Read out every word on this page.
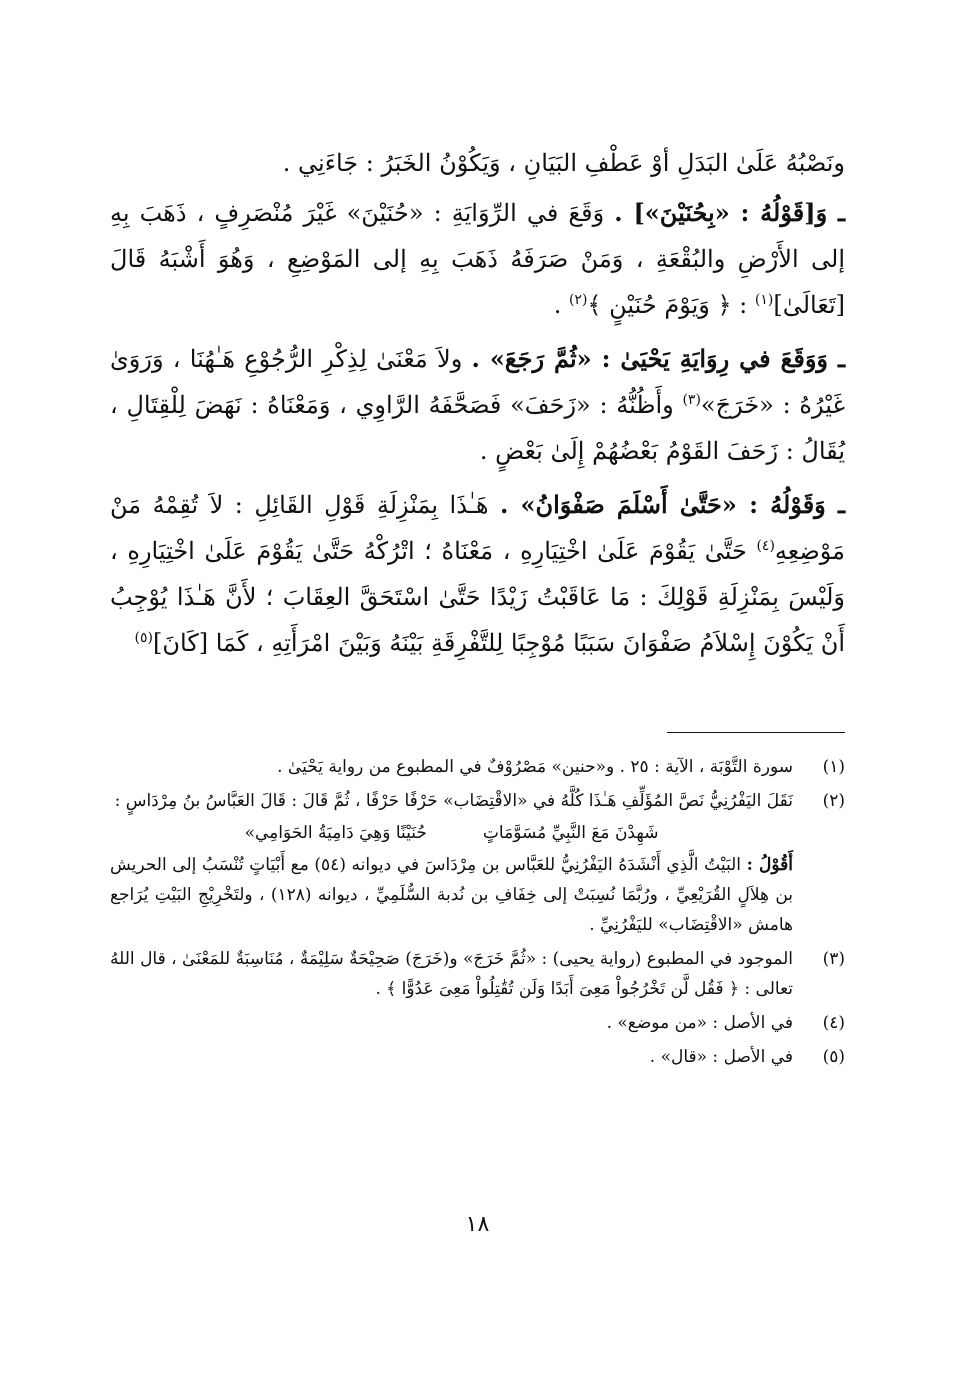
ونَصْبُهُ عَلَىٰ البَدَلِ أوْ عَطْفِ البَيَانِ ، وَيَكُوْنُ الخَبَرُ : جَاءَنِي .

ـ وَ[قَوْلُهُ : «بِحُنَيْنَ»] . وَقَعَ في الرِّوَايَةِ : «حُنَيْنَ» غَيْرَ مُنْصَرِفٍ ، ذَهَبَ بِهِ إلى الأَرْضِ والبُقْعَةِ ، وَمَنْ صَرَفَهُ ذَهَبَ بِهِ إلى المَوْضِعِ ، وَهُوَ أَشْبَهُ قَالَ [تَعَالَىٰ]$^{(١)}$ : ﴿ وَيَوْمَ حُنَيْنٍ ﴾$^{(٢)}$ .

ـ وَوَقَعَ في رِوَايَةِ يَحْيَىٰ : «ثُمَّ رَجَعَ» . ولاَ مَعْنَىٰ لِذِكْرِ الرُّجُوْعِ هَـٰهُنَا ، وَرَوَىٰ غَيْرُهُ : «خَرَجَ»$^{(٣)}$ وأَظُنُّهُ : «زَحَفَ» فَصَحَّفَهُ الرَّاوِي ، وَمَعْنَاهُ : نَهَضَ لِلْقِتَالِ ، يُقَالُ : زَحَفَ القَوْمُ بَعْضُهُمْ إِلَىٰ بَعْضٍ .

ـ وَقَوْلُهُ : «حَتَّىٰ أَسْلَمَ صَفْوَانُ» . هَـٰذَا بِمَنْزِلَةِ قَوْلِ القَائِلِ : لاَ تُقِمْهُ مَنْ مَوْضِعِهِ$^{(٤)}$ حَتَّىٰ يَقُوْمَ عَلَىٰ اخْتِيَارِهِ ، مَعْنَاهُ ؛ اتْرُكْهُ حَتَّىٰ يَقُوْمَ عَلَىٰ اخْتِيَارِهِ ، وَلَيْسَ بِمَنْزِلَةِ قَوْلِكَ : مَا عَاقَبْتُ زَيْدًا حَتَّىٰ اسْتَحَقَّ العِقَابَ ؛ لأَنَّ هَـٰذَا يُوْجِبُ أَنْ يَكُوْنَ إِسْلاَمُ صَفْوَانَ سَبَبًا مُوْجِبًا لِلتَّفْرِقَةِ بَيْنَهُ وَبَيْنَ امْرَأَتِهِ ، كَمَا [كَانَ]$^{(٥)}$

(١)

سورة التَّوْبَة ، الآية : ٢٥ . و«حنين» مَصْرُوْفٌ في المطبوع من رواية يَحْيَىٰ .

(٢)

نَقَلَ اليَفْرُنِيُّ نَصَّ المُؤَلِّفِ هَـٰذَا كُلَّهُ في «الاقْتِضَاب» حَرْفًا حَرْفًا ، ثُمَّ قَالَ : قَالَ العَبَّاسُ بنُ مِرْدَاسٍ :

شَهِدْنَ مَعَ النَّبِيِّ مُسَوَّمَاتٍ
حُنَيْنًا وَهِيَ دَامِيَةُ الحَوَامِي»

أَقُوْلُ : البَيْتُ الَّذِي أَنْشَدَهُ اليَفْرُنِيُّ للعَبَّاس بن مِرْدَاسَ في ديوانه (٥٤) مع أَبْيَاتٍ تُنْسَبُ إلى الحريش بن هِلاَلٍ القُرَيْعِيِّ ، ورُبَّمَا نُسِبَتْ إلى خِفَافِ بن نُدبة السُّلَمِيِّ ، ديوانه (١٢٨) ، ولتَخْرِيْجِ البَيْتِ يُرَاجع هامش «الاقْتِضَاب» لليَفْرُنِيِّ .

(٣)

الموجود في المطبوع (رواية يحيى) : «ثُمَّ خَرَجَ» و(خَرَجَ) صَحِيْحَةٌ سَلِيْمَةٌ ، مُنَاسِبَةٌ للمَعْنَىٰ ، قال اللهُ تعالى : ﴿ فَقُل لَّن تَخْرُجُواْ مَعِىَ أَبَدًا وَلَن تُقَٰتِلُواْ مَعِىَ عَدُوًّا ﴾ .

(٤)

في الأصل : «من موضع» .

(٥)

في الأصل : «قال» .

١٨
